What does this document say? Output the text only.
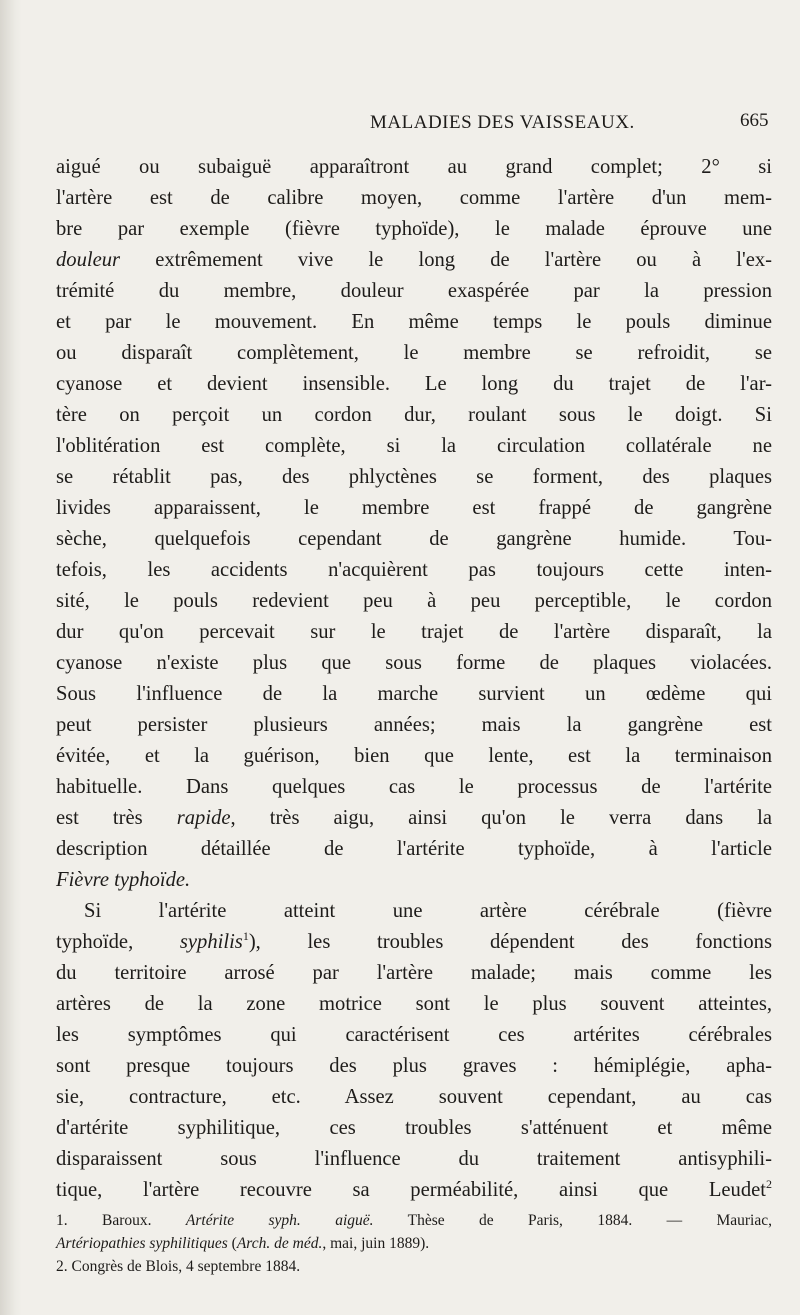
MALADIES DES VAISSEAUX.	665
aigué ou subaiguë apparaîtront au grand complet; 2° si
l'artère est de calibre moyen, comme l'artère d'un mem-
bre par exemple (fièvre typhoïde), le malade éprouve une
douleur extrêmement vive le long de l'artère ou à l'ex-
trémité du membre, douleur exaspérée par la pression
et par le mouvement. En même temps le pouls diminue
ou disparaît complètement, le membre se refroidit, se
cyanose et devient insensible. Le long du trajet de l'ar-
tère on perçoit un cordon dur, roulant sous le doigt. Si
l'oblitération est complète, si la circulation collatérale ne
se rétablit pas, des phlyctènes se forment, des plaques
livides apparaissent, le membre est frappé de gangrène
sèche, quelquefois cependant de gangrène humide. Tou-
tefois, les accidents n'acquièrent pas toujours cette inten-
sité, le pouls redevient peu à peu perceptible, le cordon
dur qu'on percevait sur le trajet de l'artère disparaît, la
cyanose n'existe plus que sous forme de plaques violacées.
Sous l'influence de la marche survient un œdème qui
peut persister plusieurs années; mais la gangrène est
évitée, et la guérison, bien que lente, est la terminaison
habituelle. Dans quelques cas le processus de l'artérite
est très rapide, très aigu, ainsi qu'on le verra dans la
description détaillée de l'artérite typhoïde, à l'article
Fièvre typhoïde.
Si l'artérite atteint une artère cérébrale (fièvre
typhoïde, syphilis$^1$), les troubles dépendent des fonctions
du territoire arrosé par l'artère malade; mais comme les
artères de la zone motrice sont le plus souvent atteintes,
les symptômes qui caractérisent ces artérites cérébrales
sont presque toujours des plus graves : hémiplégie, apha-
sie, contracture, etc. Assez souvent cependant, au cas
d'artérite syphilitique, ces troubles s'atténuent et même
disparaissent sous l'influence du traitement antisyphili-
tique, l'artère recouvre sa perméabilité, ainsi que Leudet$^2$
1. Baroux. Artérite syph. aiguë. Thèse de Paris, 1884. — Mauriac,
Artériopathies syphilitiques (Arch. de méd., mai, juin 1889).
2. Congrès de Blois, 4 septembre 1884.
